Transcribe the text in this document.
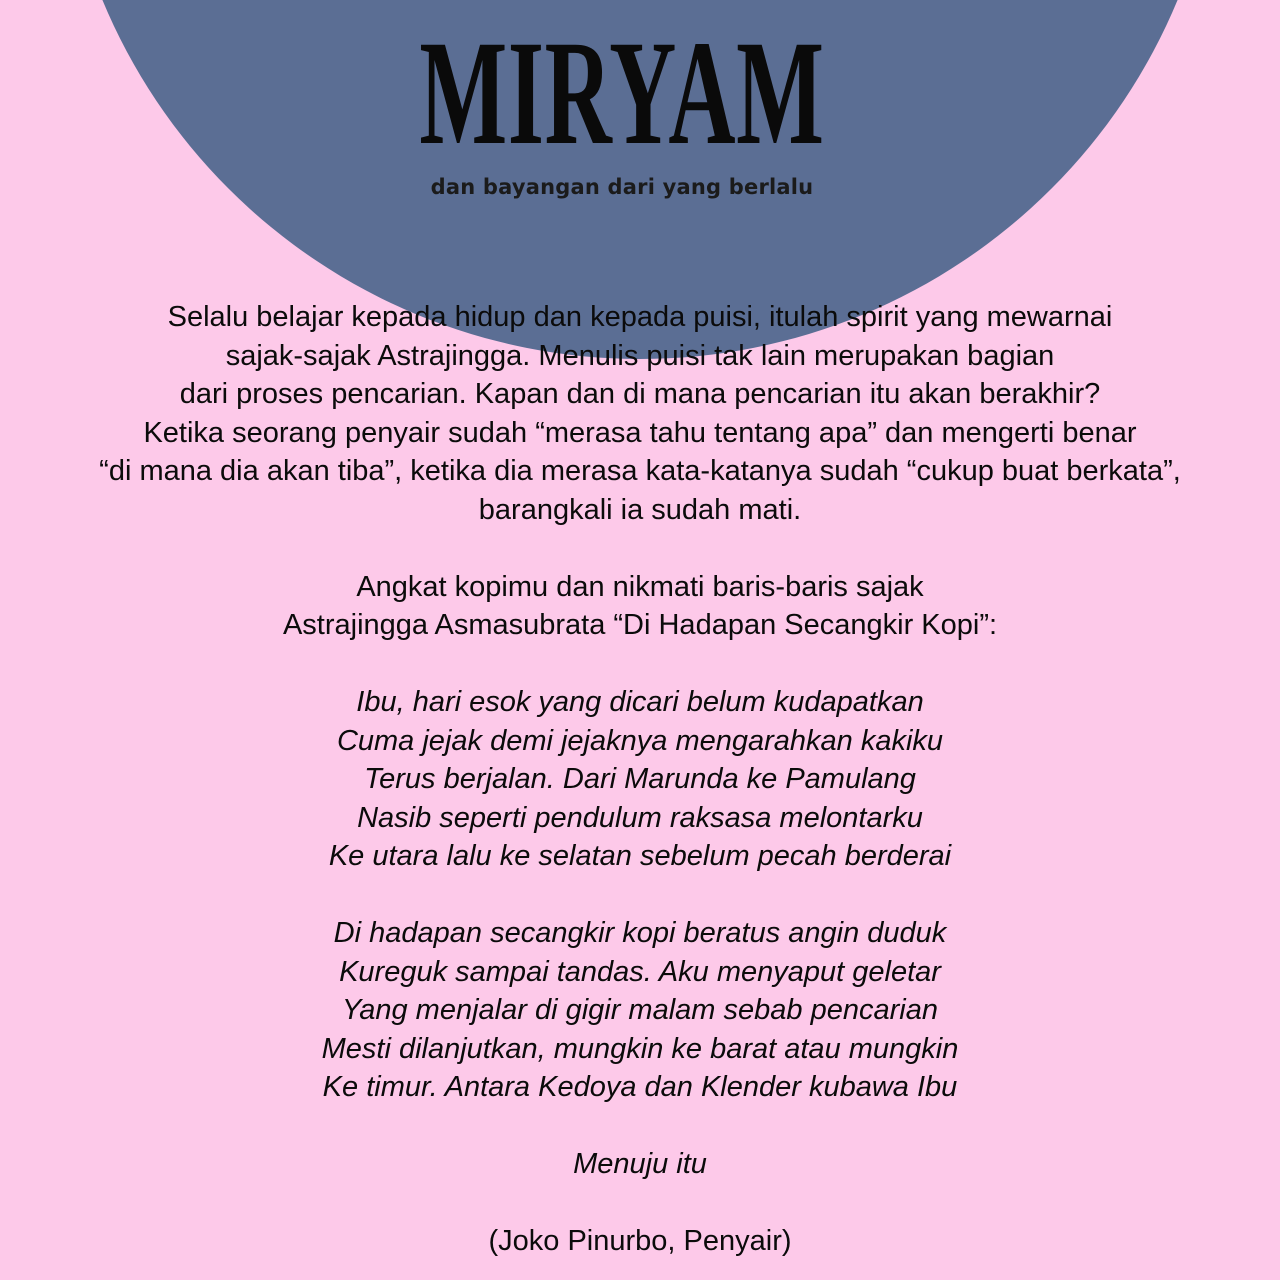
MIRYAM
dan bayangan dari yang berlalu
Selalu belajar kepada hidup dan kepada puisi, itulah spirit yang mewarnai
sajak-sajak Astrajingga. Menulis puisi tak lain merupakan bagian
dari proses pencarian. Kapan dan di mana pencarian itu akan berakhir?
Ketika seorang penyair sudah “merasa tahu tentang apa” dan mengerti benar
“di mana dia akan tiba”, ketika dia merasa kata-katanya sudah “cukup buat berkata”,
barangkali ia sudah mati.
Angkat kopimu dan nikmati baris-baris sajak
Astrajingga Asmasubrata “Di Hadapan Secangkir Kopi”:
Ibu, hari esok yang dicari belum kudapatkan
Cuma jejak demi jejaknya mengarahkan kakiku
Terus berjalan. Dari Marunda ke Pamulang
Nasib seperti pendulum raksasa melontarku
Ke utara lalu ke selatan sebelum pecah berderai
Di hadapan secangkir kopi beratus angin duduk
Kureguk sampai tandas. Aku menyaput geletar
Yang menjalar di gigir malam sebab pencarian
Mesti dilanjutkan, mungkin ke barat atau mungkin
Ke timur. Antara Kedoya dan Klender kubawa Ibu
Menuju itu
(Joko Pinurbo, Penyair)
